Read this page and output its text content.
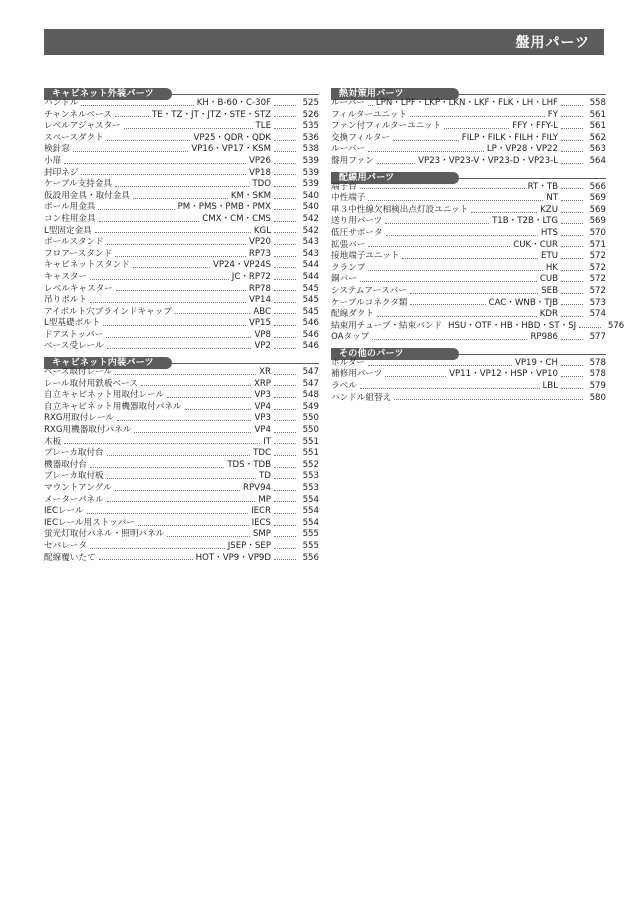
盤用パーツ
キャビネット外装パーツ
ハンドル	KH・B-60・C-30F	525
チャンネルベース	TE・TZ・JT・JTZ・STE・STZ	526
レベルアジャスター	TLE	535
スペースダクト	VP25・QDR・QDK	536
検針窓	VP16・VP17・KSM	538
小扉	VP26	539
封印ネジ	VP18	539
ケーブル支持金具	TDO	539
仮設用金具・取付金具	KM・SKM	540
ポール用金具	PM・PMS・PMB・PMX	540
コン柱用金具	CMX・CM・CMS	542
L型固定金具	KGL	542
ポールスタンド	VP20	543
フロアースタンド	RP73	543
キャビネットスタンド	VP24・VP24S	544
キャスター	JC・RP72	544
レベルキャスター	RP78	545
吊りボルト	VP14	545
アイボルト穴ブラインドキャップ	ABC	545
L型基礎ボルト	VP15	546
ドアストッパー	VP8	546
ベース受レール	VP2	546
キャビネット内装パーツ
ベース取付レール	XR	547
レール取付用鉄板ベース	XRP	547
自立キャビネット用取付レール	VP3	548
自立キャビネット用機器取付パネル	VP4	549
RXG用取付レール	VP3	550
RXG用機器取付パネル	VP4	550
木板	IT	551
ブレーカ取付台	TDC	551
機器取付台	TDS・TDB	552
ブレーカ取付板	TD	553
マウントアングル	RPV94	553
メーターパネル	MP	554
IECレール	IECR	554
IECレール用ストッパー	IECS	554
蛍光灯取付パネル・照明パネル	SMP	555
セパレータ	JSEP・SEP	555
配線覆いたて	HOT・VP9・VP9D	556
熱対策用パーツ
ルーバー LPN・LPF・LKP・LKN・LKF・FLK・LH・LHF	558
フィルターユニット	FY	561
ファン付フィルターユニット	FFY・FFY-L	561
交換フィルター	FILP・FILK・FILH・FILY	562
ルーバー	LP・VP28・VP22	563
盤用ファン	VP23・VP23-V・VP23-D・VP23-L	564
配線用パーツ
端子台	RT・TB	566
中性端子	NT	569
単３中性線欠相検出点灯設ユニット	KZU	569
送り用パーツ	T1B・T2B・LTG	569
低圧サポータ	HTS	570
拡張バー	CUK・CUR	571
接地端子ユニット	ETU	572
クランプ	HK	572
銅バー	CUB	572
システムアースバー	SEB	572
ケーブルコネクタ類	CAC・WNB・TJB	573
配線ダクト	KDR	574
結束用チューブ・結束バンド HSU・OTF・HB・HBD・ST・SJ	576
OAタップ	RP986	577
その他のパーツ
ホルダー	VP19・CH	578
補修用パーツ	VP11・VP12・HSP・VP10	578
ラベル	LBL	579
ハンドル組替え	580
